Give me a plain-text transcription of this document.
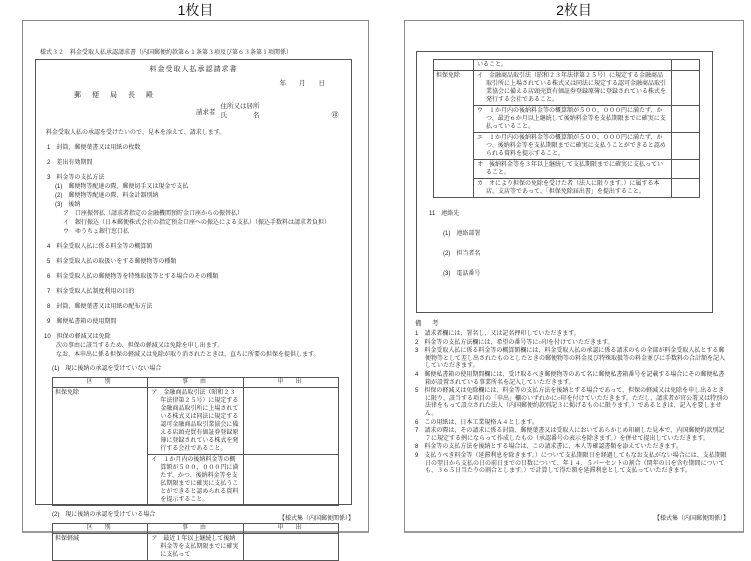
1枚目
様式３２　料金受取人払承認請求書（内国郵便約款第６１条第３項及び第６３条第１項関係）
料金受取人払承認請求書
年　　月　　日
郵　便　局　長　殿
請求者
住所又は居所
氏　　　　名	㊞
料金受取人払の承認を受けたいので、見本を添えて、請求します。
1　封筒、郵便葉書又は用紙の枚数
2　差出有効期間
3　料金等の支払方法
(1)　郵便物等配達の際、郵便切手又は現金で支払
(2)　郵便物等配達の際、料金計器別納
(3)　後納
ア　口座振替払（請求者指定の金融機関預貯金口座からの振替払）
イ　銀行振込（日本郵便株式会社の指定預金口座への振込による支払）（振込手数料は請求者負担）
ウ　ゆうちょ銀行窓口払
4　料金受取人払に係る料金等の概算額
5　料金受取人払の取扱いをする郵便物等の種類
6　料金受取人払の郵便物等を特殊取扱等とする場合のその種類
7　料金受取人払制度利用の目的
8　封筒、郵便葉書又は用紙の配布方法
9　郵便私書箱の使用期間
10　担保の軽減又は免除
次の事由に該当するため、担保の軽減又は免除を申し出ます。
なお、本申出に係る担保の軽減又は免除が取り消されたときは、直ちに所要の担保を提供します。
(1)　現に後納の承認を受けていない場合
区　別	事　由	申　出
担保免除	ア　金融商品取引法（昭和２３年法律第２５号）に規定する金融商品取引所に上場されている株式又は同法に規定する認可金融商品取引業協会に備える店頭売買有価証券登録原簿に登録されている株式を発行する会社であること。	

	イ　１か月内の後納料金等の概算額が５００，０００円に満たず、かつ、後納料金等を支払期限までに確実に支払うことができると認められる資料を提示すること。	

(2)　現に後納の承認を受けている場合
区　別	事　由	申　出
担保軽減	ア　最近１年以上継続して後納料金等を支払期限までに確実に支払って	

【様式集（内国郵便関係）】
2枚目

	いること。	

担保免除	イ　金融商品取引法（昭和２３年法律第２５号）に規定する金融商品取引所に上場されている株式又は同法に規定する認可金融商品取引業協会に備える店頭売買有価証券登録原簿に登録されている株式を発行する会社であること。	

	ウ　１か月内の後納料金等の概算額が５００，０００円に満たず、かつ、最近６か月以上継続して後納料金等を支払期限までに確実に支払っていること。	

	エ　１か月内の後納料金等の概算額が５００，０００円に満たず、かつ、後納料金等を支払期限までに確実に支払うことができると認められる資料を提示すること。	

	オ　後納料金等を３年以上継続して支払期限までに確実に支払っていること。	

	カ　オにより担保の免除を受けた者（法人に限ります。）に属する本店、支店等であって、「担保免除届出書」を提出すること。	

11　連絡先
(1)　連絡部署
(2)　担当者名
(3)　電話番号
備　考
1　請求者欄には、署名し、又は記名押印していただきます。
2　料金等の支払方法欄には、希望の番号等に○印を付けていただきます。
3　料金受取人払に係る料金等の概算額欄には、料金受取人払の承認に係る請求のもの全部が料金受取人払とする郵便物等として差し出されたものとしたときの郵便物等の料金及び特殊取扱等の料金並びに手数料の合計額を記入していただきます。
4　郵便私書箱の使用期間欄には、受け取るべき郵便物等のあて名に郵便私書箱番号を記載する場合にその郵便私書箱が設置されている事業所名を記入していただきます。
5　担保の軽減又は免除欄には、料金等の支払方法を後納とする場合であって、担保の軽減又は免除を申し出るときに限り、該当する項目の「申出」欄のいずれかに○印を付けていただきます。ただし、請求者が官公署又は特別の法律をもって設立された法人（内国郵便約款別記３に掲げるものに限ります。）であるときは、記入を要しません。
6　この用紙は、日本工業規格Ａ４とします。
7　請求の際は、その請求に係る封筒、郵便葉書又は受取人においてあらかじめ印刷した見本で、内国郵便約款別記７に規定する例にならって作成したもの（承認番号の表示を除きます。）を併せて提出していただきます。
8　料金等の支払方法を後納とする場合は、この請求書に、本人等確認書類を添えていただきます。
9　支払うべき料金等（延滞利息を除きます。）について支払期限日を経過してもなお支払がない場合には、支払期限日の翌日から支払の日の前日までの日数について、年１４．５パーセントの割合（閏年の日を含む期間についても、３６５日当たりの割合とします。）で計算して得た額を延滞利息として支払っていただきます。
【様式集（内国郵便関係）】
